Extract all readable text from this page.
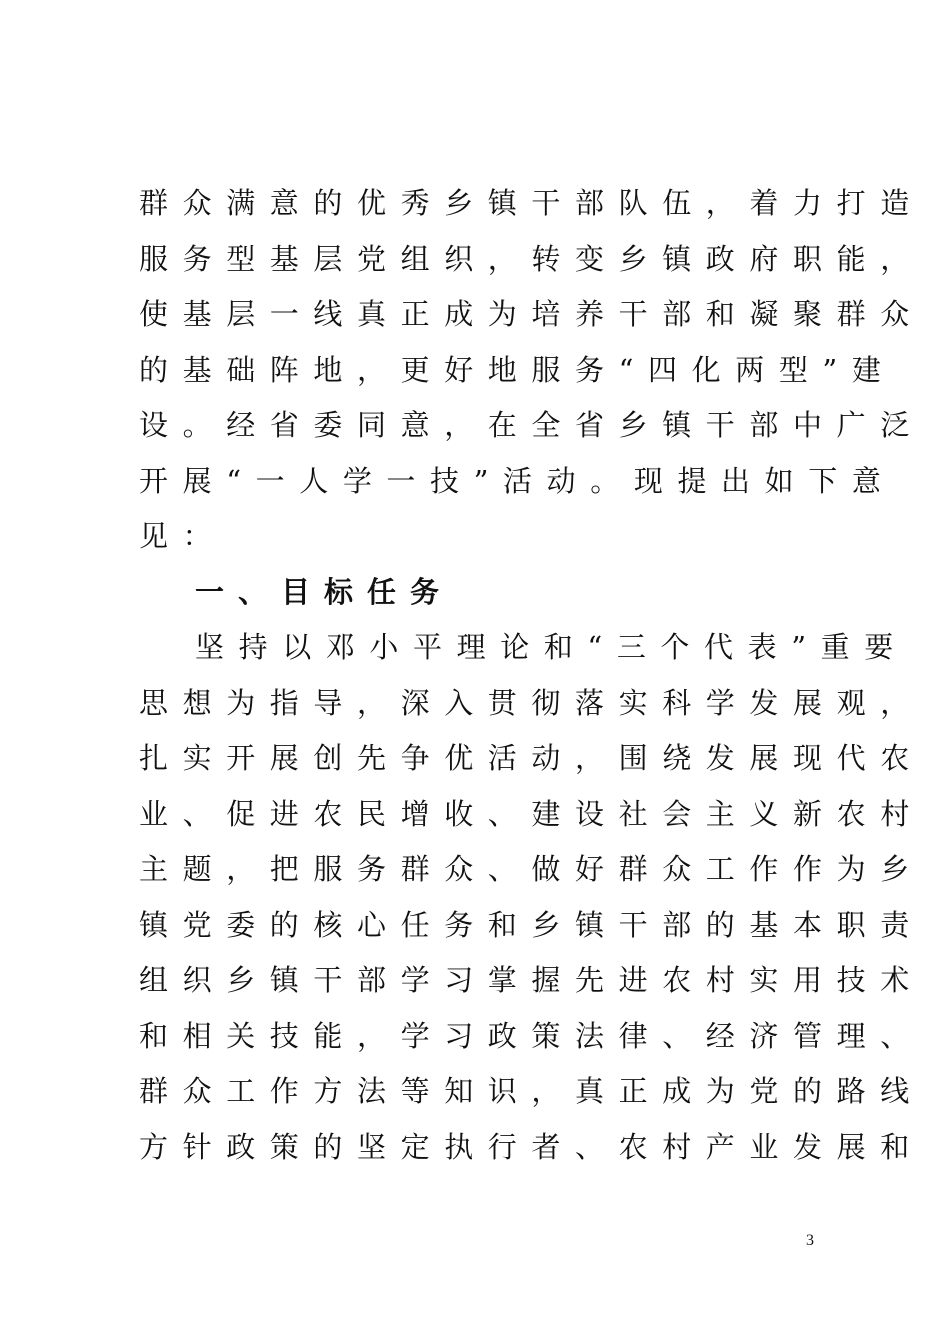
群众满意的优秀乡镇干部队伍，着力打造
服务型基层党组织，转变乡镇政府职能，
使基层一线真正成为培养干部和凝聚群众
的基础阵地，更好地服务“四化两型”建
设。经省委同意，在全省乡镇干部中广泛
开展“一人学一技”活动。现提出如下意
见：
一、目标任务
坚持以邓小平理论和“三个代表”重要
思想为指导，深入贯彻落实科学发展观，
扎实开展创先争优活动，围绕发展现代农
业、促进农民增收、建设社会主义新农村
主题，把服务群众、做好群众工作作为乡
镇党委的核心任务和乡镇干部的基本职责
组织乡镇干部学习掌握先进农村实用技术
和相关技能，学习政策法律、经济管理、
群众工作方法等知识，真正成为党的路线
方针政策的坚定执行者、农村产业发展和
3
